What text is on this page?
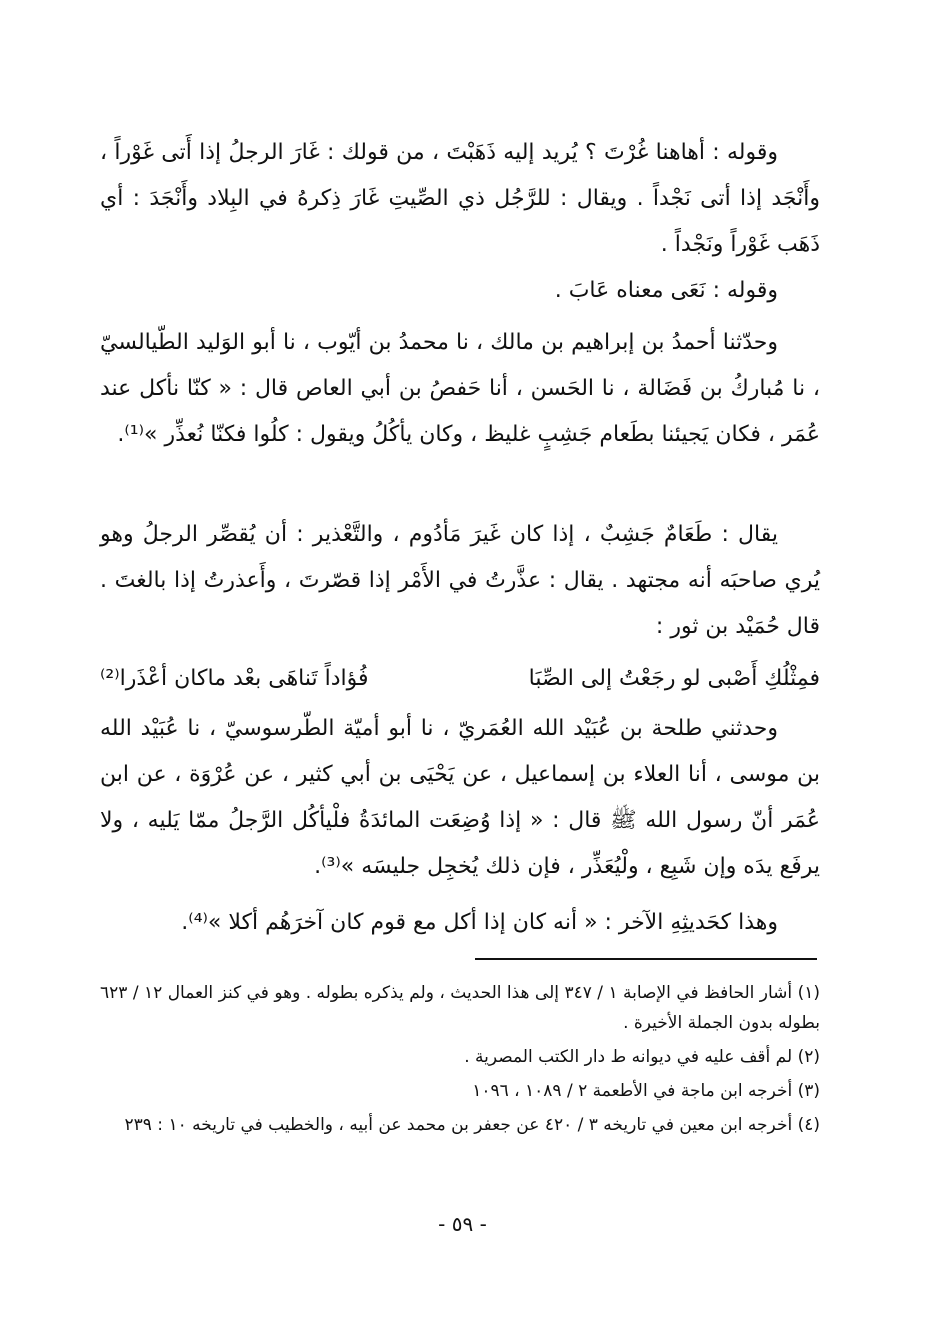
وقوله : أهاهنا غُرْتَ ؟ يُريد إليه ذَهَبْتَ ، من قولك : غَارَ الرجلُ إذا أَتى غَوْراً ، وأَنْجَد إذا أتى نَجْداً . ويقال : للرَّجُل ذي الصِّيتِ غَارَ ذِكرهُ في البِلاد وأَنْجَدَ : أي ذَهَب غَوْراً ونَجْداً .

وقوله : نَعَى معناه عَابَ .

وحدّثنا أحمدُ بن إبراهيم بن مالك ، نا محمدُ بن أيّوب ، نا أبو الوَليد الطّيالسيّ ، نا مُباركُ بن فَضَالة ، نا الحَسن ، أنا حَفصُ بن أبي العاص قال : « كنّا نأكل عند عُمَر ، فكان يَجيئنا بطَعام جَشِبٍ غليظ ، وكان يأكُلُ ويقول : كلُوا فكنّا نُعذِّر »⁽¹⁾.

يقال : طَعَامٌ جَشِبٌ ، إذا كان غَيرَ مَأدُوم ، والتَّعْذير : أن يُقصِّر الرجلُ وهو يُري صاحبَه أنه مجتهد . يقال : عذَّرتُ في الأَمْر إذا قصّرتَ ، وأَعذرتُ إذا بالغتَ . قال حُمَيْد بن ثور :

فمِثْلُكِ أَصْبى لو رجَعْتُ إلى الصِّبَا
فُؤاداً تَناهَى بعْد ماكان أعْذَرا⁽²⁾

وحدثني طلحة بن عُبَيْد الله العُمَريّ ، نا أبو أميّة الطّرسوسيّ ، نا عُبَيْد الله بن موسى ، أنا العلاء بن إسماعيل ، عن يَحْيَى بن أبي كثير ، عن عُرْوَة ، عن ابن عُمَر أنّ رسول الله ﷺ قال : « إذا وُضِعَت المائدَةُ فلْيأكُل الرَّجلُ ممّا يَليه ، ولا يرفَع يدَه وإن شَبِع ، ولْيُعَذِّر ، فإن ذلك يُخجِل جليسَه »⁽³⁾.

وهذا كحَديثِهِ الآخر : « أنه كان إذا أكل مع قوم كان آخرَهُم أكلا »⁽⁴⁾.

(١) أشار الحافظ في الإصابة ١ / ٣٤٧ إلى هذا الحديث ، ولم يذكره بطوله . وهو في كنز العمال ١٢ / ٦٢٣ بطوله بدون الجملة الأخيرة .

(٢) لم أقف عليه في ديوانه ط دار الكتب المصرية .

(٣) أخرجه ابن ماجة في الأطعمة ٢ / ١٠٨٩ ، ١٠٩٦

(٤) أخرجه ابن معين في تاريخه ٣ / ٤٢٠ عن جعفر بن محمد عن أبيه ، والخطيب في تاريخه ١٠ : ٢٣٩

- ٥٩ -
